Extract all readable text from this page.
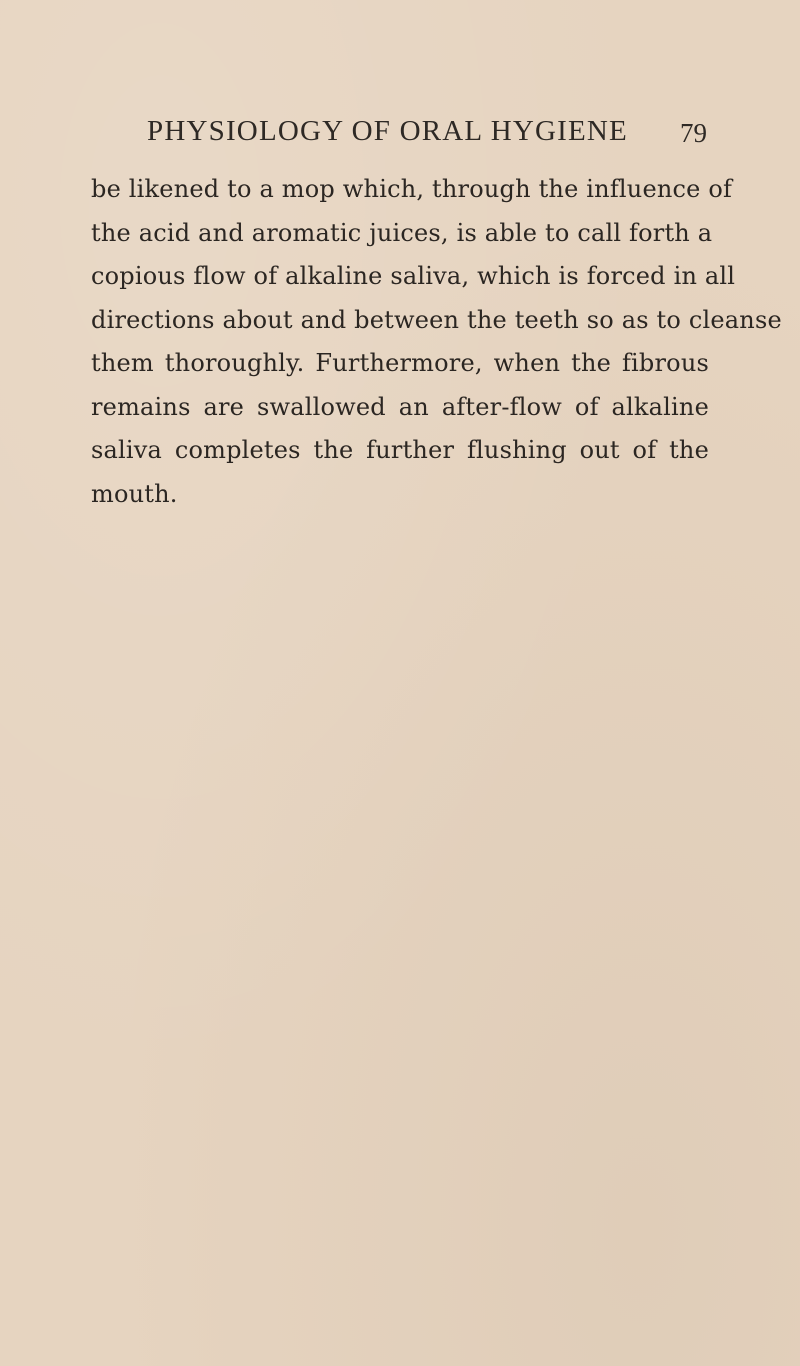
PHYSIOLOGY OF ORAL HYGIENE 79
be likened to a mop which, through the influence of
the acid and aromatic juices, is able to call forth a
copious flow of alkaline saliva, which is forced in all
directions about and between the teeth so as to cleanse
them thoroughly. Furthermore, when the fibrous
remains are swallowed an after-flow of alkaline
saliva completes the further flushing out of the
mouth.
